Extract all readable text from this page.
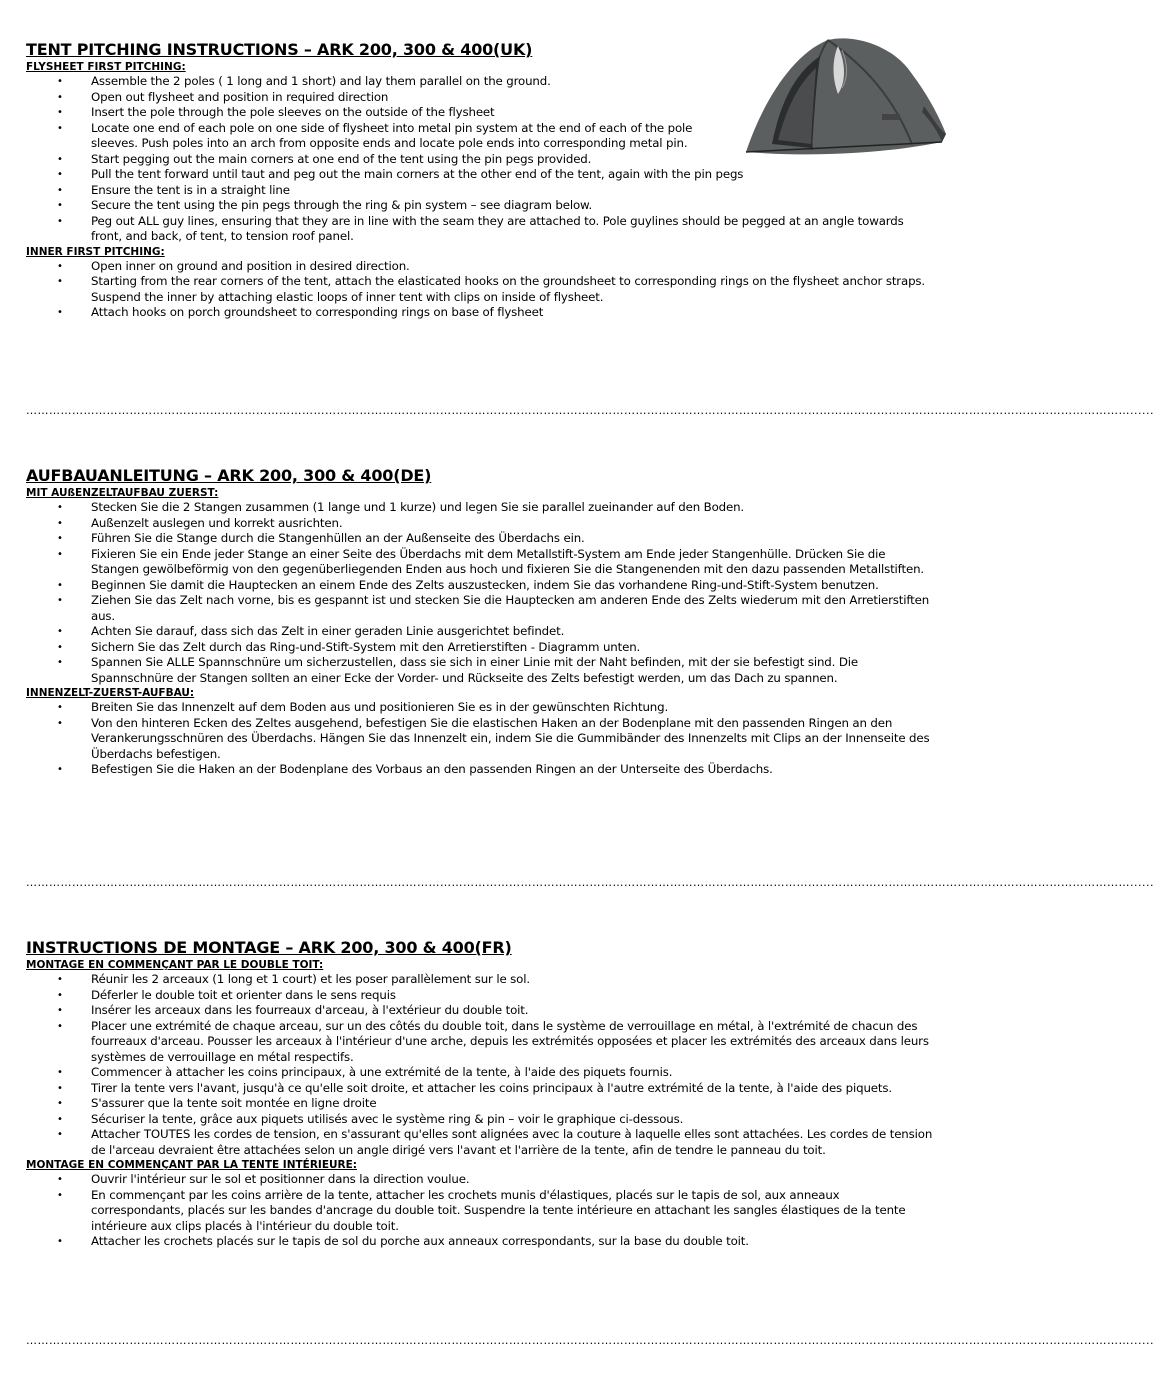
TENT PITCHING INSTRUCTIONS – ARK 200, 300 & 400(UK)

FLYSHEET FIRST PITCHING:

• Assemble the 2 poles ( 1 long and 1 short) and lay them parallel on the ground.
• Open out flysheet and position in required direction
• Insert the pole through the pole sleeves on the outside of the flysheet
• Locate one end of each pole on one side of flysheet into metal pin system at the end of each of the pole sleeves. Push poles into an arch from opposite ends and locate pole ends into corresponding metal pin.
• Start pegging out the main corners at one end of the tent using the pin pegs provided.
• Pull the tent forward until taut and peg out the main corners at the other end of the tent, again with the pin pegs
• Ensure the tent is in a straight line
• Secure the tent using the pin pegs through the ring & pin system – see diagram below.
• Peg out ALL guy lines, ensuring that they are in line with the seam they are attached to. Pole guylines should be pegged at an angle towards front, and back, of tent, to tension roof panel.

INNER FIRST PITCHING:

• Open inner on ground and position in desired direction.
• Starting from the rear corners of the tent, attach the elasticated hooks on the groundsheet to corresponding rings on the flysheet anchor straps. Suspend the inner by attaching elastic loops of inner tent with clips on inside of flysheet.
• Attach hooks on porch groundsheet to corresponding rings on base of flysheet
………………………………………………………………………………………………………………………………………………………………………………………………………………………………………………………………......
AUFBAUANLEITUNG – ARK 200, 300 & 400(DE)

MIT AUßENZELTAUFBAU ZUERST:

• Stecken Sie die 2 Stangen zusammen (1 lange und 1 kurze) und legen Sie sie parallel zueinander auf den Boden.
• Außenzelt auslegen und korrekt ausrichten.
• Führen Sie die Stange durch die Stangenhüllen an der Außenseite des Überdachs ein.
• Fixieren Sie ein Ende jeder Stange an einer Seite des Überdachs mit dem Metallstift-System am Ende jeder Stangenhülle. Drücken Sie die Stangen gewölbeförmig von den gegenüberliegenden Enden aus hoch und fixieren Sie die Stangenenden mit den dazu passenden Metallstiften.
• Beginnen Sie damit die Hauptecken an einem Ende des Zelts auszustecken, indem Sie das vorhandene Ring-und-Stift-System benutzen.
• Ziehen Sie das Zelt nach vorne, bis es gespannt ist und stecken Sie die Hauptecken am anderen Ende des Zelts wiederum mit den Arretierstiften aus.
• Achten Sie darauf, dass sich das Zelt in einer geraden Linie ausgerichtet befindet.
• Sichern Sie das Zelt durch das Ring-und-Stift-System mit den Arretierstiften - Diagramm unten.
• Spannen Sie ALLE Spannschnüre um sicherzustellen, dass sie sich in einer Linie mit der Naht befinden, mit der sie befestigt sind. Die Spannschnüre der Stangen sollten an einer Ecke der Vorder- und Rückseite des Zelts befestigt werden, um das Dach zu spannen.

INNENZELT-ZUERST-AUFBAU:

• Breiten Sie das Innenzelt auf dem Boden aus und positionieren Sie es in der gewünschten Richtung.
• Von den hinteren Ecken des Zeltes ausgehend, befestigen Sie die elastischen Haken an der Bodenplane mit den passenden Ringen an den Verankerungsschnüren des Überdachs. Hängen Sie das Innenzelt ein, indem Sie die Gummibänder des Innenzelts mit Clips an der Innenseite des Überdachs befestigen.
• Befestigen Sie die Haken an der Bodenplane des Vorbaus an den passenden Ringen an der Unterseite des Überdachs.
………………………………………………………………………………………………………………………………………………………………………………………………………………………………………………………………......
INSTRUCTIONS DE MONTAGE – ARK 200, 300 & 400(FR)

MONTAGE EN COMMENÇANT PAR LE DOUBLE TOIT:

• Réunir les 2 arceaux (1 long et 1 court) et les poser parallèlement sur le sol.
• Déferler le double toit et orienter dans le sens requis
• Insérer les arceaux dans les fourreaux d'arceau, à l'extérieur du double toit.
• Placer une extrémité de chaque arceau, sur un des côtés du double toit, dans le système de verrouillage en métal, à l'extrémité de chacun des fourreaux d'arceau. Pousser les arceaux à l'intérieur d'une arche, depuis les extrémités opposées et placer les extrémités des arceaux dans leurs systèmes de verrouillage en métal respectifs.
• Commencer à attacher les coins principaux, à une extrémité de la tente, à l'aide des piquets fournis.
• Tirer la tente vers l'avant, jusqu'à ce qu'elle soit droite, et attacher les coins principaux à l'autre extrémité de la tente, à l'aide des piquets.
• S'assurer que la tente soit montée en ligne droite
• Sécuriser la tente, grâce aux piquets utilisés avec le système ring & pin – voir le graphique ci-dessous.
• Attacher TOUTES les cordes de tension, en s'assurant qu'elles sont alignées avec la couture à laquelle elles sont attachées. Les cordes de tension de l'arceau devraient être attachées selon un angle dirigé vers l'avant et l'arrière de la tente, afin de tendre le panneau du toit.

MONTAGE EN COMMENÇANT PAR LA TENTE INTÉRIEURE:

• Ouvrir l'intérieur sur le sol et positionner dans la direction voulue.
• En commençant par les coins arrière de la tente, attacher les crochets munis d'élastiques, placés sur le tapis de sol, aux anneaux correspondants, placés sur les bandes d'ancrage du double toit. Suspendre la tente intérieure en attachant les sangles élastiques de la tente intérieure aux clips placés à l'intérieur du double toit.
• Attacher les crochets placés sur le tapis de sol du porche aux anneaux correspondants, sur la base du double toit.
………………………………………………………………………………………………………………………………………………………………………………………………………………………………………………………………......
